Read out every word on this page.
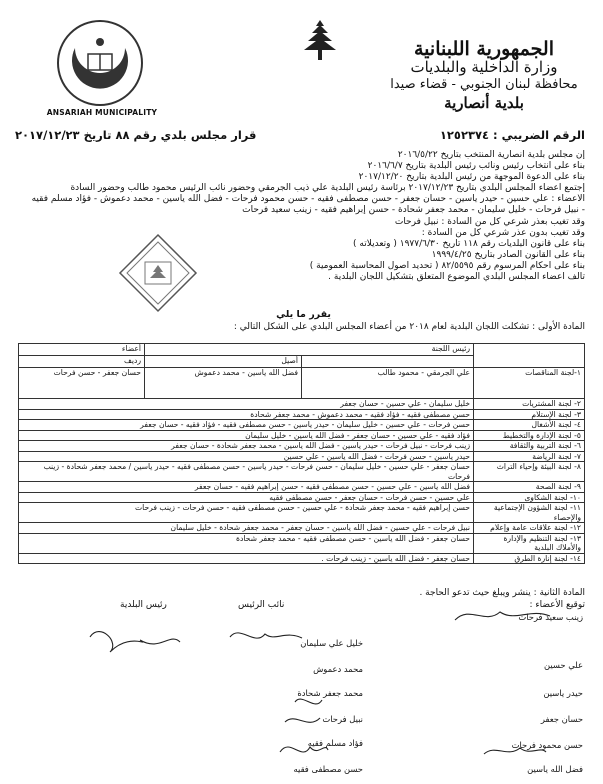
الجمهورية اللبنانية
وزارة الداخلية والبلديات
محافظة لبنان الجنوبي - قضاء صيدا
بلدية أنصارية
ANSARIAH MUNICIPALITY
الرقم الضريبي : ١٢٥٢٣٧٤
قرار مجلس بلدي رقم ٨٨ تاريخ ٢٠١٧/١٢/٢٣
إن مجلس بلدية أنصارية المنتخب بتاريخ ٢٠١٦/٥/٢٢
بناء على انتخاب رئيس ونائب رئيس البلدية بتاريخ ٢٠١٦/٦/٧
بناء على الدعوة الموجهة من رئيس البلدية بتاريخ ٢٠١٧/١٢/٢٠
إجتمع أعضاء المجلس البلدي بتاريخ ٢٠١٧/١٢/٢٣ برئاسة رئيس البلدية علي ذيب الجرمقي وحضور نائب الرئيس محمود طالب وحضور السادة
الأعضاء : علي حسين - حيدر ياسين - حسان جعفر - حسن مصطفى فقيه - حسن محمود فرحات - فضل الله ياسين - محمد دعموش - فؤاد مسلم فقيه
- نبيل فرحات - خليل سليمان - محمد جعفر شحادة - حسن إبراهيم فقيه - زينب سعيد فرحات
وقد تغيب بعذر شرعي كل من السادة : نبيل فرحات
وقد تغيب بدون عذر شرعي كل من السادة :
بناء على قانون البلديات رقم ١١٨ تاريخ ١٩٧٧/٦/٣٠ ( وتعديلاته )
بناء على القانون الصادر بتاريخ ١٩٩٩/٤/٢٥
بناء على أحكام المرسوم رقم ٨٢/٥٥٩٥ ( تحديد أصول المحاسبة العمومية )
تألف أعضاء المجلس البلدي الموضوع المتعلق بتشكيل اللجان البلدية .
يقرر ما يلي
المادة الأولى : تشكلت اللجان البلدية لعام ٢٠١٨ من أعضاء المجلس البلدي على الشكل التالي :
	رئيس اللجنة		أعضاء
		أصيل	رديف
١-لجنة المناقصات	علي الجرمقي - محمود طالب	فضل الله ياسين - محمد دعموش	حسان جعفر - حسن فرحات
٢- لجنة المشتريات	خليل سليمان - علي حسين - حسان جعفر		
٣- لجنة الإستلام	حسن مصطفى فقيه - فؤاد فقيه - محمد دعموش - محمد جعفر شحادة		
٤- لجنة الأشغال	حسن فرحات - علي حسين - خليل سليمان - حيدر ياسين - حسن مصطفى فقيه - فؤاد فقيه - حسان جعفر		
٥- لجنة الإدارة والتخطيط	فؤاد فقيه - علي حسين - حسان جعفر - فضل الله ياسين - خليل سليمان		
٦- لجنة التربية والثقافة	زينب فرحات - نبيل فرحات - حيدر ياسين - فضل الله ياسين - محمد جعفر شحادة - حسان جعفر		
٧- لجنة الرياضة	حيدر ياسين - حسن فرحات - فضل الله ياسين - علي حسين		
٨- لجنة البيئة وإحياء التراث	حسان جعفر - علي حسين - خليل سليمان - حسن فرحات - حيدر ياسين - حسن مصطفى فقيه - حيدر ياسين / محمد جعفر شحادة - زينب فرحات		
٩- لجنة الصحة	فضل الله ياسين - علي حسين - حسن مصطفى فقيه - حسن إبراهيم فقيه - حسان جعفر		
١٠- لجنة الشكاوى	علي حسين - حسن فرحات - حسان جعفر - حسن مصطفى فقيه		
١١- لجنة الشؤون الإجتماعية والإحصاء	حسن إبراهيم فقيه - محمد جعفر شحادة - علي حسين - حسن مصطفى فقيه - حسن فرحات - زينب فرحات		
١٢- لجنة علاقات عامة وإعلام	نبيل فرحات - علي حسين - فضل الله ياسين - حسان جعفر - محمد جعفر شحادة - خليل سليمان		
١٣- لجنة التنظيم والإدارة والأملاك البلدية	حسان جعفر - فضل الله ياسين - حسن مصطفى فقيه - محمد جعفر شحادة		
١٤- لجنة إنارة الطرق	حسان جعفر - فضل الله ياسين - زينب فرحات .		
المادة الثانية : ينشر ويبلغ حيث تدعو الحاجة .
توقيع الأعضاء :
نائب الرئيس
رئيس البلدية
زينب سعيد فرحات
علي حسين
حيدر ياسين
حسان جعفر
حسن محمود فرحات
فضل الله ياسين
خليل علي سليمان
محمد دعموش
محمد جعفر شحادة
نبيل فرحات
فؤاد مسلم فقيه
حسن مصطفى فقيه
